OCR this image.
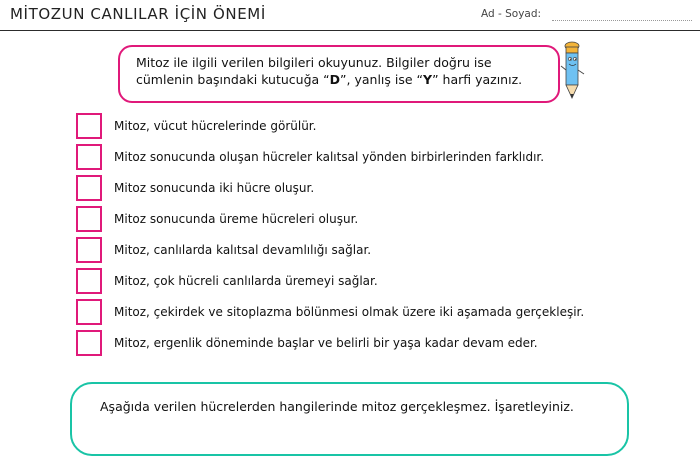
MİTOZUN CANLILAR İÇİN ÖNEMİ	Ad - Soyad:
Mitoz ile ilgili verilen bilgileri okuyunuz. Bilgiler doğru ise
cümlenin başındaki kutucuğa “D”, yanlış ise “Y” harfi yazınız.
Mitoz, vücut hücrelerinde görülür.
Mitoz sonucunda oluşan hücreler kalıtsal yönden birbirlerinden farklıdır.
Mitoz sonucunda iki hücre oluşur.
Mitoz sonucunda üreme hücreleri oluşur.
Mitoz, canlılarda kalıtsal devamlılığı sağlar.
Mitoz, çok hücreli canlılarda üremeyi sağlar.
Mitoz, çekirdek ve sitoplazma bölünmesi olmak üzere iki aşamada gerçekleşir.
Mitoz, ergenlik döneminde başlar ve belirli bir yaşa kadar devam eder.
Aşağıda verilen hücrelerden hangilerinde mitoz gerçekleşmez. İşaretleyiniz.
